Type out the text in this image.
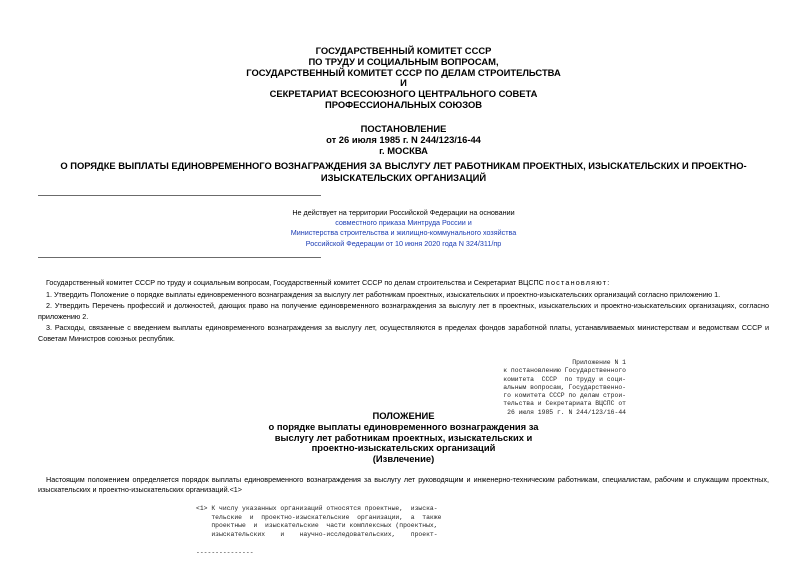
ГОСУДАРСТВЕННЫЙ КОМИТЕТ СССР
ПО ТРУДУ И СОЦИАЛЬНЫМ ВОПРОСАМ,
ГОСУДАРСТВЕННЫЙ КОМИТЕТ СССР ПО ДЕЛАМ СТРОИТЕЛЬСТВА
И
СЕКРЕТАРИАТ ВСЕСОЮЗНОГО ЦЕНТРАЛЬНОГО СОВЕТА
ПРОФЕССИОНАЛЬНЫХ СОЮЗОВ
ПОСТАНОВЛЕНИЕ
от 26 июля 1985 г. N 244/123/16-44
г. МОСКВА
О ПОРЯДКЕ ВЫПЛАТЫ ЕДИНОВРЕМЕННОГО ВОЗНАГРАЖДЕНИЯ ЗА ВЫСЛУГУ ЛЕТ РАБОТНИКАМ ПРОЕКТНЫХ, ИЗЫСКАТЕЛЬСКИХ И ПРОЕКТНО-ИЗЫСКАТЕЛЬСКИХ ОРГАНИЗАЦИЙ
Не действует на территории Российской Федерации на основании
совместного приказа Минтруда России и
Министерства строительства и жилищно-коммунального хозяйства
Российской Федерации от 10 июня 2020 года N 324/311/пр

Государственный комитет СССР по труду и социальным вопросам, Государственный комитет СССР по делам строительства и Секретариат ВЦСПС постановляют:

1. Утвердить Положение о порядке выплаты единовременного вознаграждения за выслугу лет работникам проектных, изыскательских и проектно-изыскательских организаций согласно приложению 1.

2. Утвердить Перечень профессий и должностей, дающих право на получение единовременного вознаграждения за выслугу лет в проектных, изыскательских и проектно-изыскательских организациях, согласно приложению 2.

3. Расходы, связанные с введением выплаты единовременного вознаграждения за выслугу лет, осуществляются в пределах фондов заработной платы, устанавливаемых министерствам и ведомствам СССР и Советам Министров союзных республик.

Приложение N 1
к постановлению Государственного
комитета  СССР  по труду и соци-
альным вопросам, Государственно-
го комитета СССР по делам строи-
тельства и Секретариата ВЦСПС от
26 июля 1985 г. N 244/123/16-44
ПОЛОЖЕНИЕ
о порядке выплаты единовременного вознаграждения за
выслугу лет работникам проектных, изыскательских и
проектно-изыскательских организаций
(Извлечение)
Настоящим положением определяется порядок выплаты единовременного вознаграждения за выслугу лет руководящим и инженерно-техническим работникам, специалистам, рабочим и служащим проектных, изыскательских и проектно-изыскательских организаций.<1>
<1> К числу указанных организаций относятся проектные,  изыска-
тельские  и  проектно-изыскательские  организации,  а  также
проектные  и  изыскательские  части комплексных (проектных,
изыскательских    и    научно-исследовательских,    проект-
---------------
